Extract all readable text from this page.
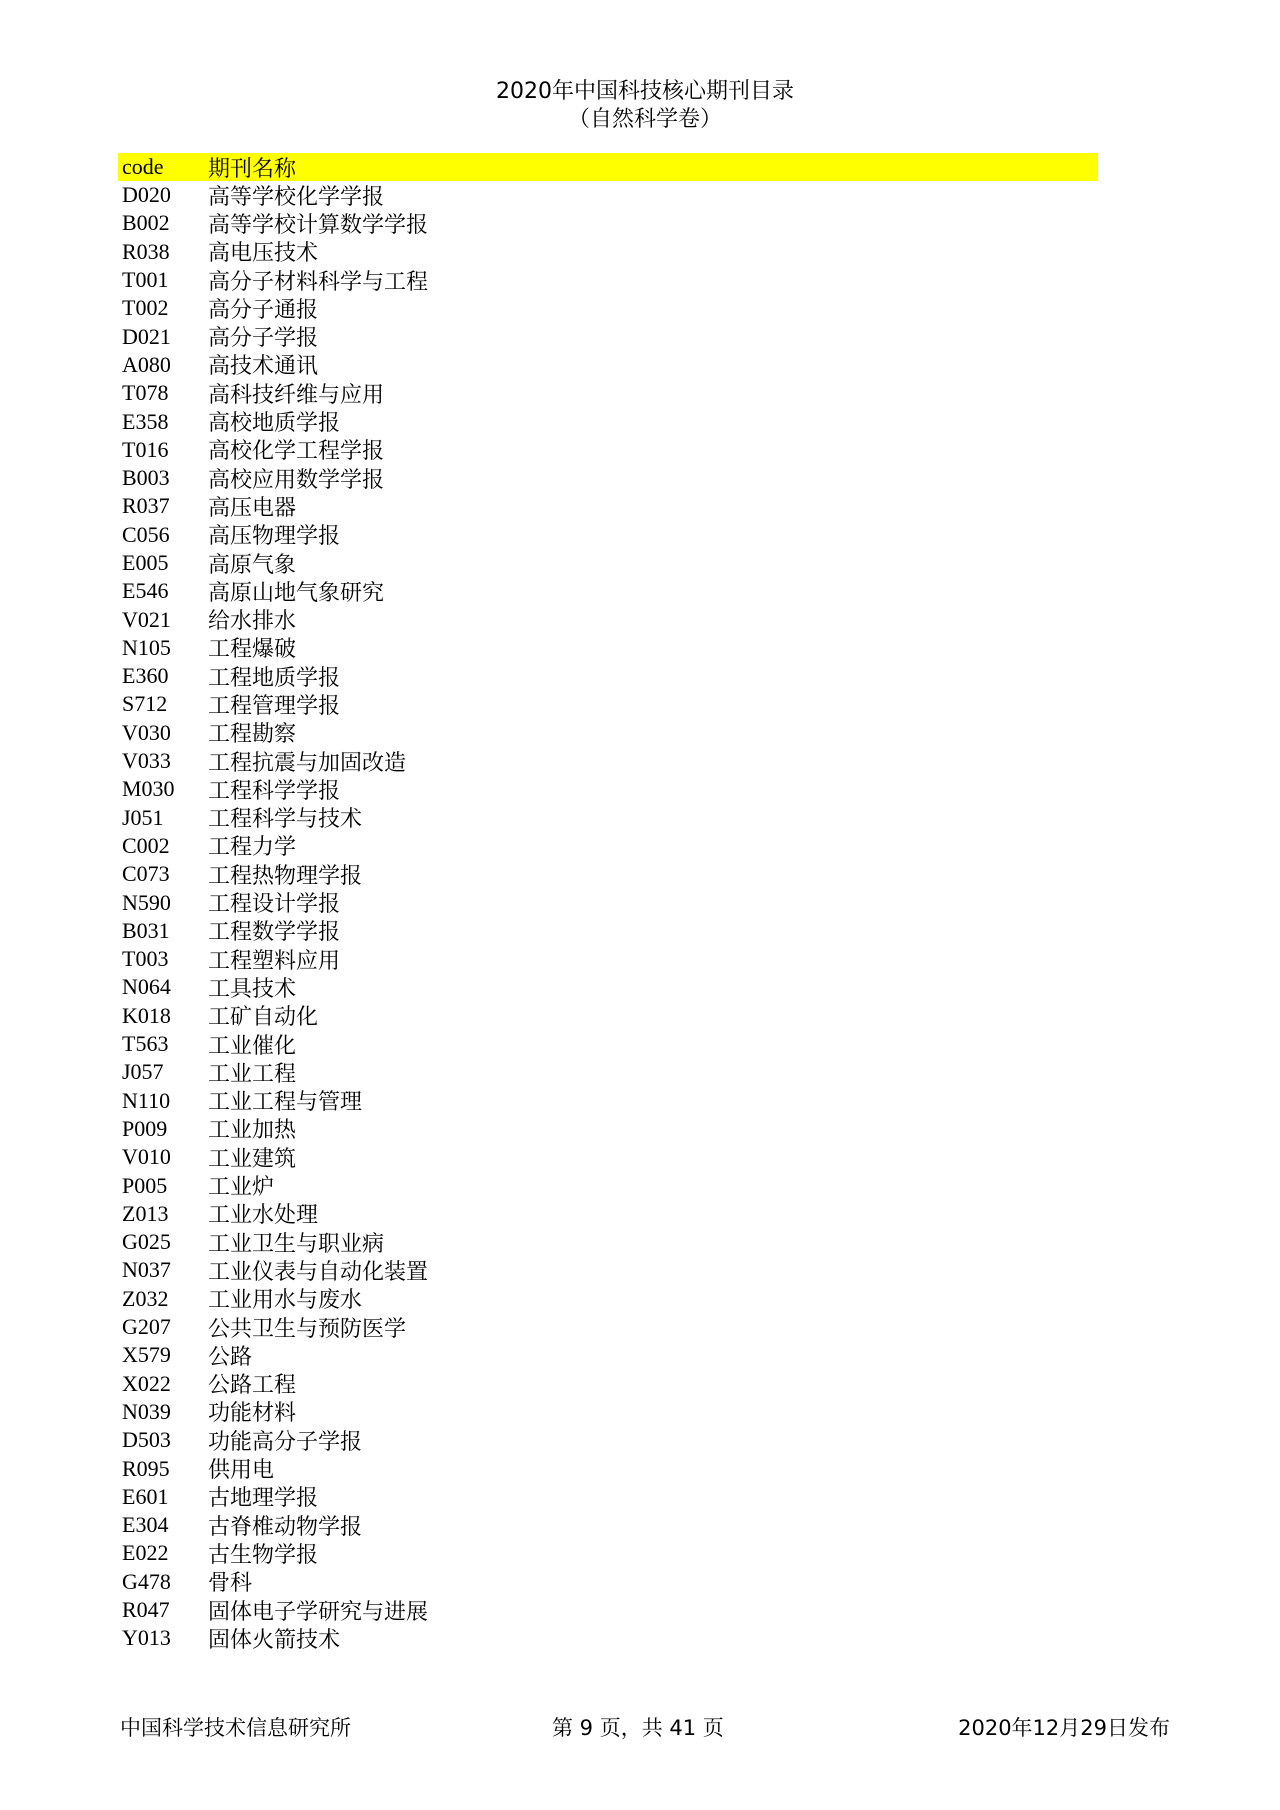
2020年中国科技核心期刊目录
（自然科学卷）
code	期刊名称
D020	高等学校化学学报
B002	高等学校计算数学学报
R038	高电压技术
T001	高分子材料科学与工程
T002	高分子通报
D021	高分子学报
A080	高技术通讯
T078	高科技纤维与应用
E358	高校地质学报
T016	高校化学工程学报
B003	高校应用数学学报
R037	高压电器
C056	高压物理学报
E005	高原气象
E546	高原山地气象研究
V021	给水排水
N105	工程爆破
E360	工程地质学报
S712	工程管理学报
V030	工程勘察
V033	工程抗震与加固改造
M030	工程科学学报
J051	工程科学与技术
C002	工程力学
C073	工程热物理学报
N590	工程设计学报
B031	工程数学学报
T003	工程塑料应用
N064	工具技术
K018	工矿自动化
T563	工业催化
J057	工业工程
N110	工业工程与管理
P009	工业加热
V010	工业建筑
P005	工业炉
Z013	工业水处理
G025	工业卫生与职业病
N037	工业仪表与自动化装置
Z032	工业用水与废水
G207	公共卫生与预防医学
X579	公路
X022	公路工程
N039	功能材料
D503	功能高分子学报
R095	供用电
E601	古地理学报
E304	古脊椎动物学报
E022	古生物学报
G478	骨科
R047	固体电子学研究与进展
Y013	固体火箭技术
中国科学技术信息研究所	第 9 页，共 41 页	2020年12月29日发布
